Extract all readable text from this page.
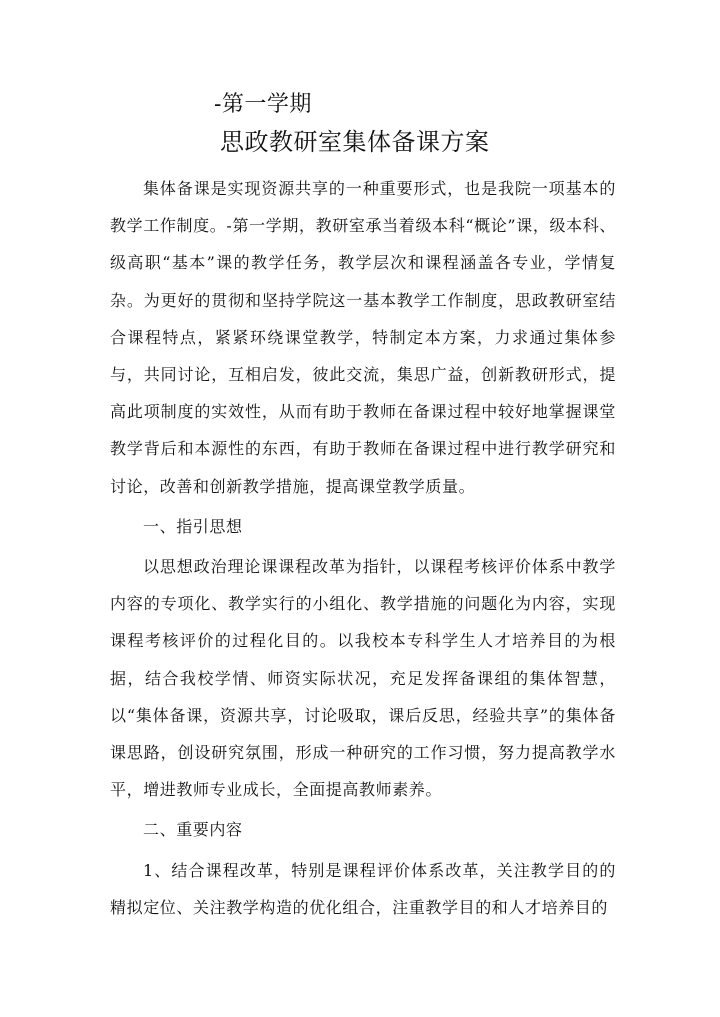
-第一学期
思政教研室集体备课方案

集体备课是实现资源共享的一种重要形式，也是我院一项基本的教学工作制度。-第一学期，教研室承当着级本科“概论”课，级本科、级高职“基本”课的教学任务，教学层次和课程涵盖各专业，学情复杂。为更好的贯彻和坚持学院这一基本教学工作制度，思政教研室结合课程特点，紧紧环绕课堂教学，特制定本方案，力求通过集体参与，共同讨论，互相启发，彼此交流，集思广益，创新教研形式，提高此项制度的实效性，从而有助于教师在备课过程中较好地掌握课堂教学背后和本源性的东西，有助于教师在备课过程中进行教学研究和讨论，改善和创新教学措施，提高课堂教学质量。

一、指引思想

以思想政治理论课课程改革为指针，以课程考核评价体系中教学内容的专项化、教学实行的小组化、教学措施的问题化为内容，实现课程考核评价的过程化目的。以我校本专科学生人才培养目的为根据，结合我校学情、师资实际状况，充足发挥备课组的集体智慧，以“集体备课，资源共享，讨论吸取，课后反思，经验共享”的集体备课思路，创设研究氛围，形成一种研究的工作习惯，努力提高教学水平，增进教师专业成长，全面提高教师素养。

二、重要内容

1、结合课程改革，特别是课程评价体系改革，关注教学目的的精拟定位、关注教学构造的优化组合，注重教学目的和人才培养目的
